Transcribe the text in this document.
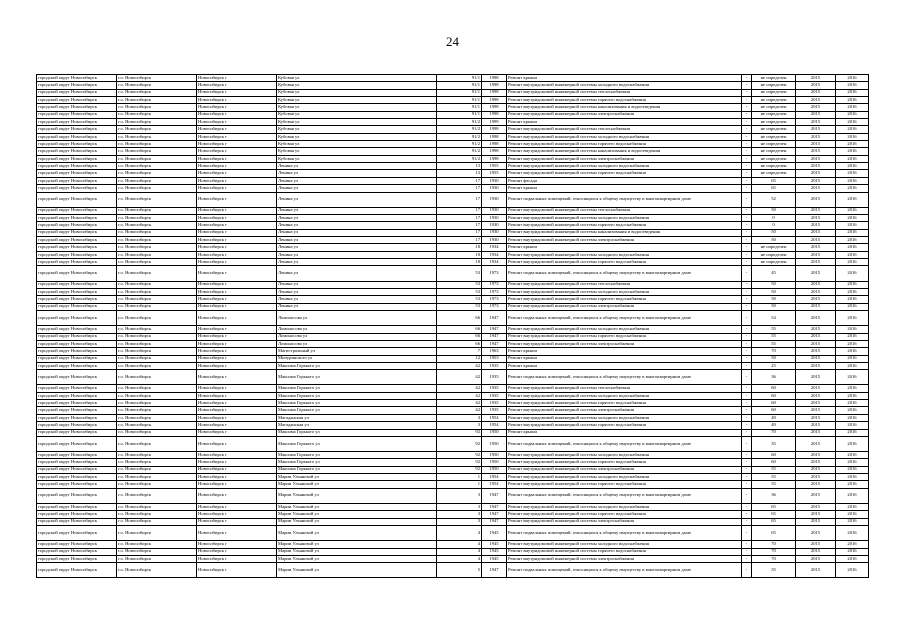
24
городской округ Новосибирск	г.о. Новосибирск	Новосибирск г	Кубовая ул	91/1	1998	Ремонт крыши	-	не определен	2015	2016
городской округ Новосибирск	г.о. Новосибирск	Новосибирск г	Кубовая ул	91/1	1998	Ремонт внутридомовой инженерной системы холодного водоснабжения	-	не определен	2015	2016
городской округ Новосибирск	г.о. Новосибирск	Новосибирск г	Кубовая ул	91/1	1998	Ремонт внутридомовой инженерной системы теплоснабжения	-	не определен	2015	2016
городской округ Новосибирск	г.о. Новосибирск	Новосибирск г	Кубовая ул	91/1	1998	Ремонт внутридомовой инженерной системы горячего водоснабжения	-	не определен	2015	2016
городской округ Новосибирск	г.о. Новосибирск	Новосибирск г	Кубовая ул	91/1	1998	Ремонт внутридомовой инженерной системы канализования и водоотведения	-	не определен	2015	2016
городской округ Новосибирск	г.о. Новосибирск	Новосибирск г	Кубовая ул	91/1	1998	Ремонт внутридомовой инженерной системы электроснабжения	-	не определен	2015	2016
городской округ Новосибирск	г.о. Новосибирск	Новосибирск г	Кубовая ул	91/2	1999	Ремонт крыши	-	не определен	2015	2016
городской округ Новосибирск	г.о. Новосибирск	Новосибирск г	Кубовая ул	91/2	1998	Ремонт внутридомовой инженерной системы теплоснабжения	-	не определен	2015	2016
городской округ Новосибирск	г.о. Новосибирск	Новосибирск г	Кубовая ул	91/2	1998	Ремонт внутридомовой инженерной системы холодного водоснабжения	-	не определен	2015	2016
городской округ Новосибирск	г.о. Новосибирск	Новосибирск г	Кубовая ул	91/2	1998	Ремонт внутридомовой инженерной системы горячего водоснабжения	-	не определен	2015	2016
городской округ Новосибирск	г.о. Новосибирск	Новосибирск г	Кубовая ул	91/2	1998	Ремонт внутридомовой инженерной системы канализования и водоотведения	-	не определен	2015	2016
городской округ Новосибирск	г.о. Новосибирск	Новосибирск г	Кубовая ул	91/2	1998	Ремонт внутридомовой инженерной системы электроснабжения	-	не определен	2015	2016
городской округ Новосибирск	г.о. Новосибирск	Новосибирск г	Ленина ул	13	1955	Ремонт внутридомовой инженерной системы холодного водоснабжения	-	не определен	2015	2016
городской округ Новосибирск	г.о. Новосибирск	Новосибирск г	Ленина ул	13	1955	Ремонт внутридомовой инженерной системы горячего водоснабжения	-	не определен	2015	2016
городской округ Новосибирск	г.о. Новосибирск	Новосибирск г	Ленина ул	17	1930	Ремонт фасада	-	65	2015	2016
городской округ Новосибирск	г.о. Новосибирск	Новосибирск г	Ленина ул	17	1930	Ремонт крыши	-	65	2015	2016
городской округ Новосибирск	г.о. Новосибирск	Новосибирск г	Ленина ул	17	1930	Ремонт подвальных помещений, относящихся к общему имуществу в многоквартирном доме	-	52	2015	2016
городской округ Новосибирск	г.о. Новосибирск	Новосибирск г	Ленина ул	17	1930	Ремонт внутридомовой инженерной системы теплоснабжения	-	50	2015	2016
городской округ Новосибирск	г.о. Новосибирск	Новосибирск г	Ленина ул	17	1930	Ремонт внутридомовой инженерной системы холодного водоснабжения	-	0	2015	2016
городской округ Новосибирск	г.о. Новосибирск	Новосибирск г	Ленина ул	17	1930	Ремонт внутридомовой инженерной системы горячего водоснабжения	-	0	2015	2016
городской округ Новосибирск	г.о. Новосибирск	Новосибирск г	Ленина ул	17	1930	Ремонт внутридомовой инженерной системы канализования и водоотведения	-	50	2015	2016
городской округ Новосибирск	г.о. Новосибирск	Новосибирск г	Ленина ул	17	1930	Ремонт внутридомовой инженерной системы электроснабжения	-	50	2015	2016
городской округ Новосибирск	г.о. Новосибирск	Новосибирск г	Ленина ул	18	1934	Ремонт крыши	-	не определен	2015	2016
городской округ Новосибирск	г.о. Новосибирск	Новосибирск г	Ленина ул	18	1934	Ремонт внутридомовой инженерной системы холодного водоснабжения	-	не определен	2015	2016
городской округ Новосибирск	г.о. Новосибирск	Новосибирск г	Ленина ул	18	1934	Ремонт внутридомовой инженерной системы горячего водоснабжения	-	не определен	2015	2016
городской округ Новосибирск	г.о. Новосибирск	Новосибирск г	Ленина ул	53	1973	Ремонт подвальных помещений, относящихся к общему имуществу в многоквартирном доме	-	45	2015	2016
городской округ Новосибирск	г.о. Новосибирск	Новосибирск г	Ленина ул	53	1973	Ремонт внутридомовой инженерной системы теплоснабжения	-	50	2015	2016
городской округ Новосибирск	г.о. Новосибирск	Новосибирск г	Ленина ул	53	1973	Ремонт внутридомовой инженерной системы холодного водоснабжения	-	50	2015	2016
городской округ Новосибирск	г.о. Новосибирск	Новосибирск г	Ленина ул	53	1973	Ремонт внутридомовой инженерной системы горячего водоснабжения	-	50	2015	2016
городской округ Новосибирск	г.о. Новосибирск	Новосибирск г	Ленина ул	53	1973	Ремонт внутридомовой инженерной системы электроснабжения	-	50	2015	2016
городской округ Новосибирск	г.о. Новосибирск	Новосибирск г	Ломоносова ул	66	1947	Ремонт подвальных помещений, относящихся к общему имуществу в многоквартирном доме	-	54	2015	2016
городской округ Новосибирск	г.о. Новосибирск	Новосибирск г	Ломоносова ул	66	1947	Ремонт внутридомовой инженерной системы холодного водоснабжения	-	55	2015	2016
городской округ Новосибирск	г.о. Новосибирск	Новосибирск г	Ломоносова ул	66	1947	Ремонт внутридомовой инженерной системы горячего водоснабжения	-	55	2015	2016
городской округ Новосибирск	г.о. Новосибирск	Новосибирск г	Ломоносова ул	66	1947	Ремонт внутридомовой инженерной системы электроснабжения	-	55	2015	2016
городской округ Новосибирск	г.о. Новосибирск	Новосибирск г	Магистральный ул	7	1963	Ремонт крыши	-	70	2015	2016
городской округ Новосибирск	г.о. Новосибирск	Новосибирск г	Мичуринского ул	12	1953	Ремонт крыши	-	50	2015	2016
городской округ Новосибирск	г.о. Новосибирск	Новосибирск г	Максима Горького ул	42	1935	Ремонт крыши	-	25	2015	2016
городской округ Новосибирск	г.о. Новосибирск	Новосибирск г	Максима Горького ул	42	1935	Ремонт подвальных помещений, относящихся к общему имуществу в многоквартирном доме	-	36	2015	2016
городской округ Новосибирск	г.о. Новосибирск	Новосибирск г	Максима Горького ул	42	1935	Ремонт внутридомовой инженерной системы теплоснабжения	-	60	2015	2016
городской округ Новосибирск	г.о. Новосибирск	Новосибирск г	Максима Горького ул	42	1935	Ремонт внутридомовой инженерной системы холодного водоснабжения	-	60	2015	2016
городской округ Новосибирск	г.о. Новосибирск	Новосибирск г	Максима Горького ул	42	1935	Ремонт внутридомовой инженерной системы горячего водоснабжения	-	60	2015	2016
городской округ Новосибирск	г.о. Новосибирск	Новосибирск г	Максима Горького ул	42	1935	Ремонт внутридомовой инженерной системы электроснабжения	-	60	2015	2016
городской округ Новосибирск	г.о. Новосибирск	Новосибирск г	Магаданская ул	3	1954	Ремонт внутридомовой инженерной системы холодного водоснабжения	-	49	2015	2016
городской округ Новосибирск	г.о. Новосибирск	Новосибирск г	Магаданская ул	3	1954	Ремонт внутридомовой инженерной системы горячего водоснабжения	-	49	2015	2016
городской округ Новосибирск	г.о. Новосибирск	Новосибирск г	Максима Горького ул	92	1950	Ремонт крыши	-	70	2015	2016
городской округ Новосибирск	г.о. Новосибирск	Новосибирск г	Максима Горького ул	92	1950	Ремонт подвальных помещений, относящихся к общему имуществу в многоквартирном доме	-	35	2015	2016
городской округ Новосибирск	г.о. Новосибирск	Новосибирск г	Максима Горького ул	92	1950	Ремонт внутридомовой инженерной системы холодного водоснабжения	-	60	2015	2016
городской округ Новосибирск	г.о. Новосибирск	Новосибирск г	Максима Горького ул	92	1950	Ремонт внутридомовой инженерной системы горячего водоснабжения	-	60	2015	2016
городской округ Новосибирск	г.о. Новосибирск	Новосибирск г	Максима Горького ул	92	1950	Ремонт внутридомовой инженерной системы электроснабжения	-	55	2015	2016
городской округ Новосибирск	г.о. Новосибирск	Новосибирск г	Марии Ульяновой ул	1	1954	Ремонт внутридомовой инженерной системы холодного водоснабжения	-	55	2015	2016
городской округ Новосибирск	г.о. Новосибирск	Новосибирск г	Марии Ульяновой ул	1	1954	Ремонт внутридомовой инженерной системы горячего водоснабжения	-	55	2015	2016
городской округ Новосибирск	г.о. Новосибирск	Новосибирск г	Марии Ульяновой ул	3	1947	Ремонт подвальных помещений, относящихся к общему имуществу в многоквартирном доме	-	36	2015	2016
городской округ Новосибирск	г.о. Новосибирск	Новосибирск г	Марии Ульяновой ул	3	1947	Ремонт внутридомовой инженерной системы холодного водоснабжения	-	65	2015	2016
городской округ Новосибирск	г.о. Новосибирск	Новосибирск г	Марии Ульяновой ул	3	1947	Ремонт внутридомовой инженерной системы горячего водоснабжения	-	65	2015	2016
городской округ Новосибирск	г.о. Новосибирск	Новосибирск г	Марии Ульяновой ул	3	1947	Ремонт внутридомовой инженерной системы электроснабжения	-	65	2015	2016
городской округ Новосибирск	г.о. Новосибирск	Новосибирск г	Марии Ульяновой ул	4	1945	Ремонт подвальных помещений, относящихся к общему имуществу в многоквартирном доме	-	65	2015	2016
городской округ Новосибирск	г.о. Новосибирск	Новосибирск г	Марии Ульяновой ул	4	1945	Ремонт внутридомовой инженерной системы холодного водоснабжения	-	70	2015	2016
городской округ Новосибирск	г.о. Новосибирск	Новосибирск г	Марии Ульяновой ул	4	1945	Ремонт внутридомовой инженерной системы горячего водоснабжения	-	70	2015	2016
городской округ Новосибирск	г.о. Новосибирск	Новосибирск г	Марии Ульяновой ул	4	1945	Ремонт внутридомовой инженерной системы электроснабжения	-	70	2015	2016
городской округ Новосибирск	г.о. Новосибирск	Новосибирск г	Марии Ульяновой ул	5	1947	Ремонт подвальных помещений, относящихся к общему имуществу в многоквартирном доме	-	35	2015	2016
